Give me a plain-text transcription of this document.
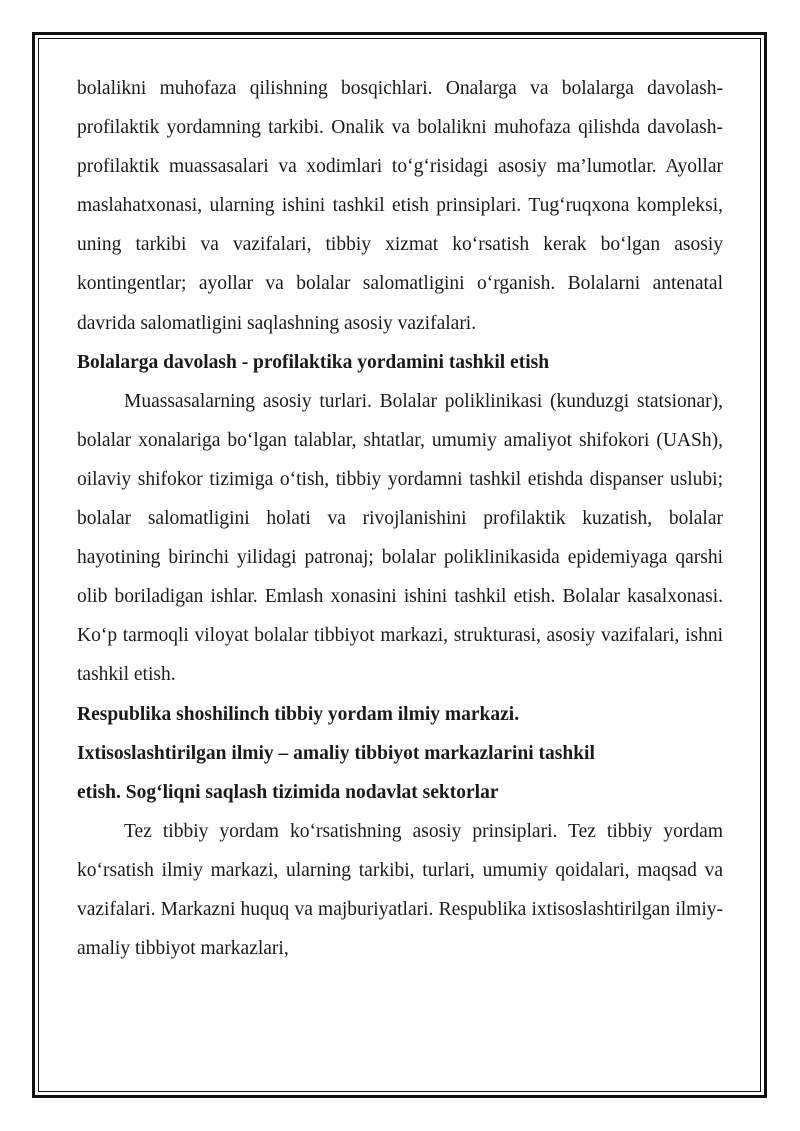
bolalikni muhofaza qilishning bosqichlari. Onalarga va bolalarga davolash-profilaktik yordamning tarkibi. Onalik va bolalikni muhofaza qilishda davolash-profilaktik muassasalari va xodimlari to‘g‘risidagi asosiy ma’lumotlar. Ayollar maslahatxonasi, ularning ishini tashkil etish prinsiplari. Tug‘ruqxona kompleksi, uning tarkibi va vazifalari, tibbiy xizmat ko‘rsatish kerak bo‘lgan asosiy kontingentlar; ayollar va bolalar salomatligini o‘rganish. Bolalarni antenatal davrida salomatligini saqlashning asosiy vazifalari.

Bolalarga davolash - profilaktika yordamini tashkil etish

Muassasalarning asosiy turlari. Bolalar poliklinikasi (kunduzgi statsionar), bolalar xonalariga bo‘lgan talablar, shtatlar, umumiy amaliyot shifokori (UASh), oilaviy shifokor tizimiga o‘tish, tibbiy yordamni tashkil etishda dispanser uslubi; bolalar salomatligini holati va rivojlanishini profilaktik kuzatish, bolalar hayotining birinchi yilidagi patronaj; bolalar poliklinikasida epidemiyaga qarshi olib boriladigan ishlar. Emlash xonasini ishini tashkil etish. Bolalar kasalxonasi. Ko‘p tarmoqli viloyat bolalar tibbiyot markazi, strukturasi, asosiy vazifalari, ishni tashkil etish.

Respublika shoshilinch tibbiy yordam ilmiy markazi.

Ixtisoslashtirilgan ilmiy – amaliy tibbiyot markazlarini tashkil

etish. Sog‘liqni saqlash tizimida nodavlat sektorlar

Tez tibbiy yordam ko‘rsatishning asosiy prinsiplari. Tez tibbiy yordam ko‘rsatish ilmiy markazi, ularning tarkibi, turlari, umumiy qoidalari, maqsad va vazifalari. Markazni huquq va majburiyatlari. Respublika ixtisoslashtirilgan ilmiy-amaliy tibbiyot markazlari,
